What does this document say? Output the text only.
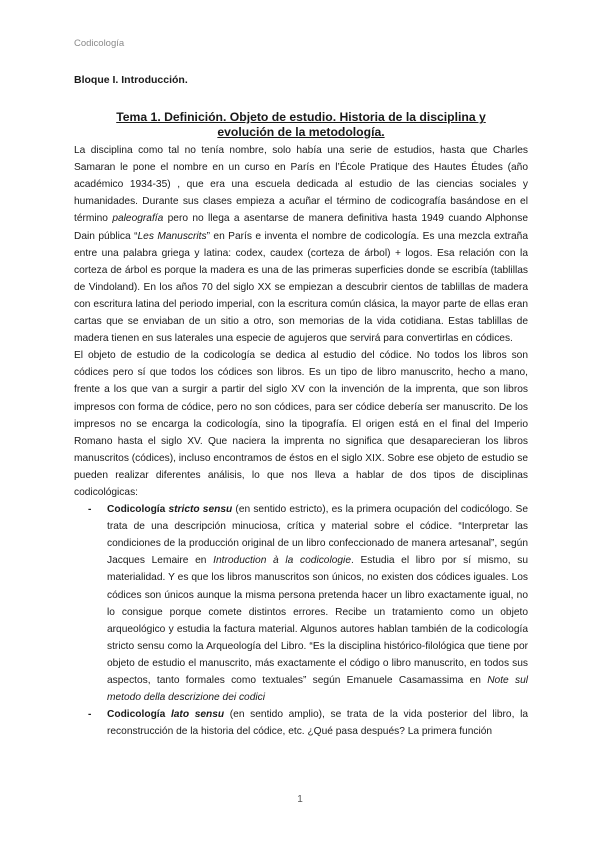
Codicología
Bloque I. Introducción.
Tema 1. Definición. Objeto de estudio. Historia de la disciplina y
evolución de la metodología.

La disciplina como tal no tenía nombre, solo había una serie de estudios, hasta que Charles Samaran le pone el nombre en un curso en París en l’École Pratique des Hautes Études (año académico 1934-35) , que era una escuela dedicada al estudio de las ciencias sociales y humanidades. Durante sus clases empieza a acuñar el término de codicografía basándose en el término paleografía pero no llega a asentarse de manera definitiva hasta 1949 cuando Alphonse Dain pública “Les Manuscrits” en París e inventa el nombre de codicología. Es una mezcla extraña entre una palabra griega y latina: codex, caudex (corteza de árbol) + logos. Esa relación con la corteza de árbol es porque la madera es una de las primeras superficies donde se escribía (tablillas de Vindoland). En los años 70 del siglo XX se empiezan a descubrir cientos de tablillas de madera con escritura latina del periodo imperial, con la escritura común clásica, la mayor parte de ellas eran cartas que se enviaban de un sitio a otro, son memorias de la vida cotidiana. Estas tablillas de madera tienen en sus laterales una especie de agujeros que servirá para convertirlas en códices.

El objeto de estudio de la codicología se dedica al estudio del códice. No todos los libros son códices pero sí que todos los códices son libros. Es un tipo de libro manuscrito, hecho a mano, frente a los que van a surgir a partir del siglo XV con la invención de la imprenta, que son libros impresos con forma de códice, pero no son códices, para ser códice debería ser manuscrito. De los impresos no se encarga la codicología, sino la tipografía. El origen está en el final del Imperio Romano hasta el siglo XV. Que naciera la imprenta no significa que desaparecieran los libros manuscritos (códices), incluso encontramos de éstos en el siglo XIX. Sobre ese objeto de estudio se pueden realizar diferentes análisis, lo que nos lleva a hablar de dos tipos de disciplinas codicológicas:

- Codicología stricto sensu (en sentido estricto), es la primera ocupación del codicólogo. Se trata de una descripción minuciosa, crítica y material sobre el códice. “Interpretar las condiciones de la producción original de un libro confeccionado de manera artesanal”, según Jacques Lemaire en Introduction à la codicologie. Estudia el libro por sí mismo, su materialidad. Y es que los libros manuscritos son únicos, no existen dos códices iguales. Los códices son únicos aunque la misma persona pretenda hacer un libro exactamente igual, no lo consigue porque comete distintos errores. Recibe un tratamiento como un objeto arqueológico y estudia la factura material. Algunos autores hablan también de la codicología stricto sensu como la Arqueología del Libro. “Es la disciplina histórico-filológica que tiene por objeto de estudio el manuscrito, más exactamente el código o libro manuscrito, en todos sus aspectos, tanto formales como textuales” según Emanuele Casamassima en Note sul metodo della descrizione dei codici
- Codicología lato sensu (en sentido amplio), se trata de la vida posterior del libro, la reconstrucción de la historia del códice, etc. ¿Qué pasa después? La primera función
1
